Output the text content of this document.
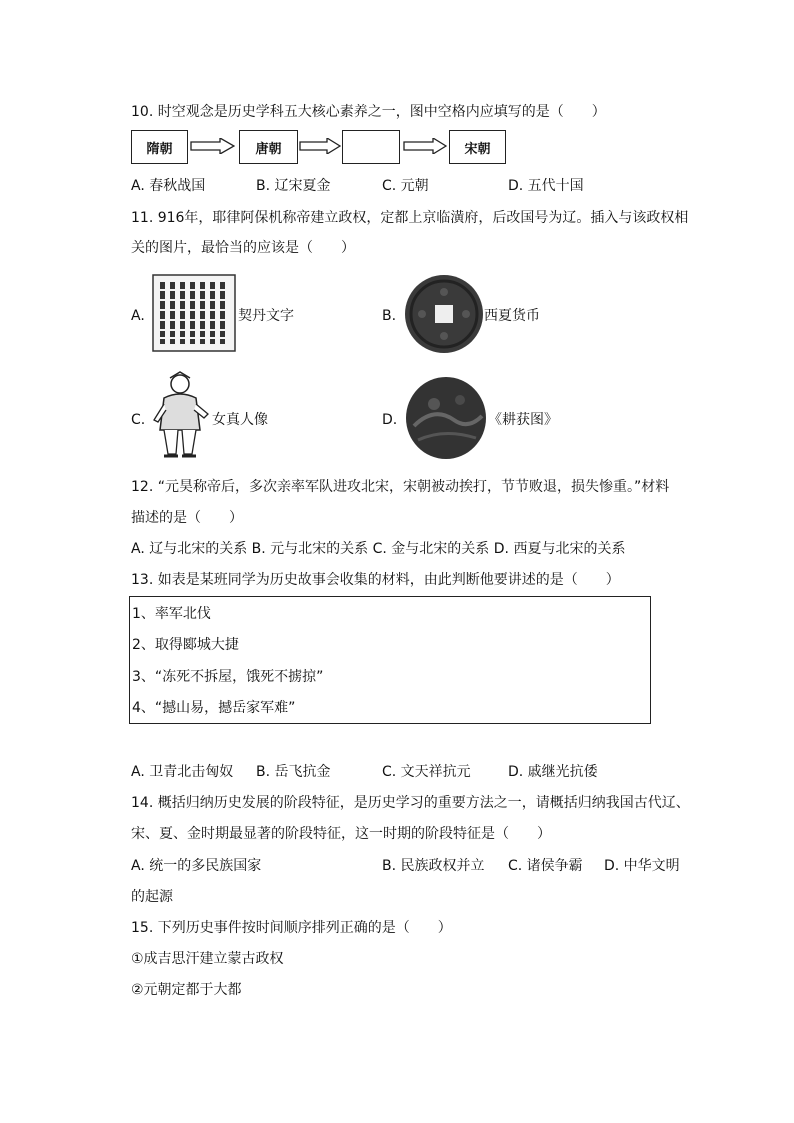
10. 时空观念是历史学科五大核心素养之一，图中空格内应填写的是（　　）
隋朝	唐朝	宋朝
A. 春秋战国	B. 辽宋夏金	C. 元朝	D. 五代十国
11. 916年，耶律阿保机称帝建立政权，定都上京临潢府，后改国号为辽。插入与该政权相
关的图片，最恰当的应该是（　　）
A.	契丹文字	B.	西夏货币
C.	女真人像	D.	《耕获图》
12. “元昊称帝后，多次亲率军队进攻北宋，宋朝被动挨打，节节败退，损失惨重。”材料
描述的是（　　）
A. 辽与北宋的关系 B. 元与北宋的关系 C. 金与北宋的关系 D. 西夏与北宋的关系
13. 如表是某班同学为历史故事会收集的材料，由此判断他要讲述的是（　　）
1、率军北伐
2、取得郾城大捷
3、“冻死不拆屋，饿死不掳掠”
4、“撼山易，撼岳家军难”
A. 卫青北击匈奴 B. 岳飞抗金	C. 文天祥抗元	D. 戚继光抗倭
14. 概括归纳历史发展的阶段特征，是历史学习的重要方法之一，请概括归纳我国古代辽、
宋、夏、金时期最显著的阶段特征，这一时期的阶段特征是（　　）
A. 统一的多民族国家	B. 民族政权并立 C. 诸侯争霸 D. 中华文明
的起源
15. 下列历史事件按时间顺序排列正确的是（　　）
①成吉思汗建立蒙古政权
②元朝定都于大都
